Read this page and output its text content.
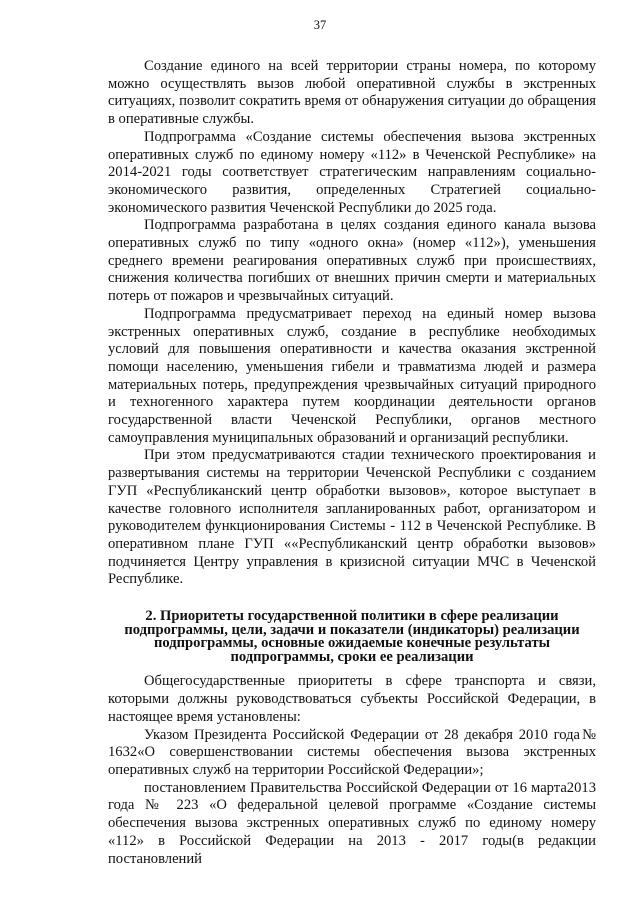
37

Создание единого на всей территории страны номера, по которому можно осуществлять вызов любой оперативной службы в экстренных ситуациях, позволит сократить время от обнаружения ситуации до обращения в оперативные службы.

Подпрограмма «Создание системы обеспечения вызова экстренных оперативных служб по единому номеру «112» в Чеченской Республике» на 2014-2021 годы соответствует стратегическим направлениям социально-экономического развития, определенных Стратегией социально-экономического развития Чеченской Республики до 2025 года.

Подпрограмма разработана в целях создания единого канала вызова оперативных служб по типу «одного окна» (номер «112»), уменьшения среднего времени реагирования оперативных служб при происшествиях, снижения количества погибших от внешних причин смерти и материальных потерь от пожаров и чрезвычайных ситуаций.

Подпрограмма предусматривает переход на единый номер вызова экстренных оперативных служб, создание в республике необходимых условий для повышения оперативности и качества оказания экстренной помощи населению, уменьшения гибели и травматизма людей и размера материальных потерь, предупреждения чрезвычайных ситуаций природного и техногенного характера путем координации деятельности органов государственной власти Чеченской Республики, органов местного самоуправления муниципальных образований и организаций республики.

При этом предусматриваются стадии технического проектирования и развертывания системы на территории Чеченской Республики с созданием ГУП «Республиканский центр обработки вызовов», которое выступает в качестве головного исполнителя запланированных работ, организатором и руководителем функционирования Системы - 112 в Чеченской Республике. В оперативном плане ГУП ««Республиканский центр обработки вызовов» подчиняется Центру управления в кризисной ситуации МЧС в Чеченской Республике.

2. Приоритеты государственной политики в сфере реализации подпрограммы, цели, задачи и показатели (индикаторы) реализации подпрограммы, основные ожидаемые конечные результаты подпрограммы, сроки ее реализации

Общегосударственные приоритеты в сфере транспорта и связи, которыми должны руководствоваться субъекты Российской Федерации, в настоящее время установлены:

Указом Президента Российской Федерации от 28 декабря 2010 года№ 1632«О совершенствовании системы обеспечения вызова экстренных оперативных служб на территории Российской Федерации»;

постановлением Правительства Российской Федерации от 16 марта2013 года № 223 «О федеральной целевой программе «Создание системы обеспечения вызова экстренных оперативных служб по единому номеру «112» в Российской Федерации на 2013 - 2017 годы(в редакции постановлений
